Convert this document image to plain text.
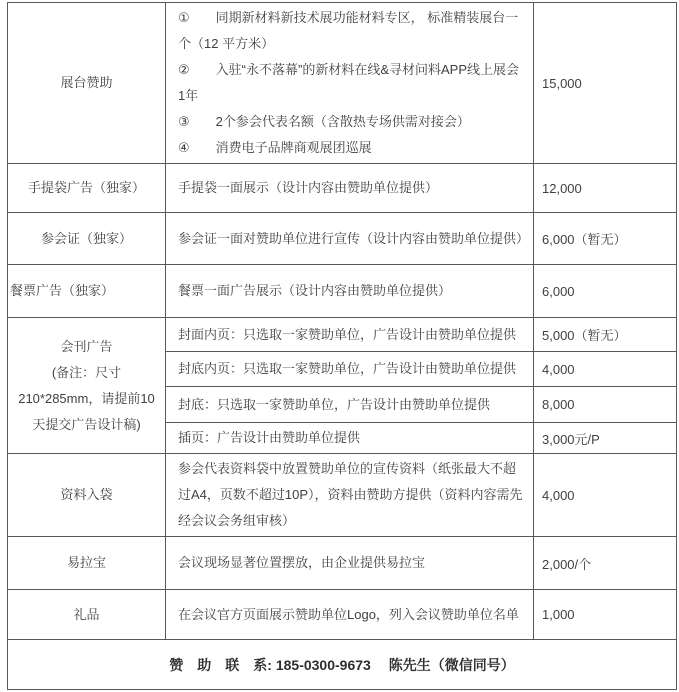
展台赞助	①　　同期新材料新技术展功能材料专区， 标准精装展台一个（12 平方米）
②　　入驻“永不落幕”的新材料在线&寻材问料APP线上展会1年
③　　2个参会代表名额（含散热专场供需对接会）
④　　消费电子品牌商观展团巡展	15,000
手提袋广告（独家）	手提袋一面展示（设计内容由赞助单位提供）	12,000
参会证（独家）	参会证一面对赞助单位进行宣传（设计内容由赞助单位提供）	6,000（暂无）
餐票广告（独家）	餐票一面广告展示（设计内容由赞助单位提供）	6,000

会刊广告
(备注：尺寸210*285mm，请提前10天提交广告设计稿)	封面内页：只选取一家赞助单位，广告设计由赞助单位提供	5,000（暂无）
	封底内页：只选取一家赞助单位，广告设计由赞助单位提供	4,000
	封底：只选取一家赞助单位，广告设计由赞助单位提供	8,000
	插页：广告设计由赞助单位提供	3,000元/P
资料入袋	参会代表资料袋中放置赞助单位的宣传资料（纸张最大不超过A4，页数不超过10P），资料由赞助方提供（资料内容需先经会议会务组审核）	4,000
易拉宝	会议现场显著位置摆放，由企业提供易拉宝	2,000/个
礼品	在会议官方页面展示赞助单位Logo，列入会议赞助单位名单	1,000
赞　助　联　系: 185-0300-9673　 陈先生（微信同号）		
